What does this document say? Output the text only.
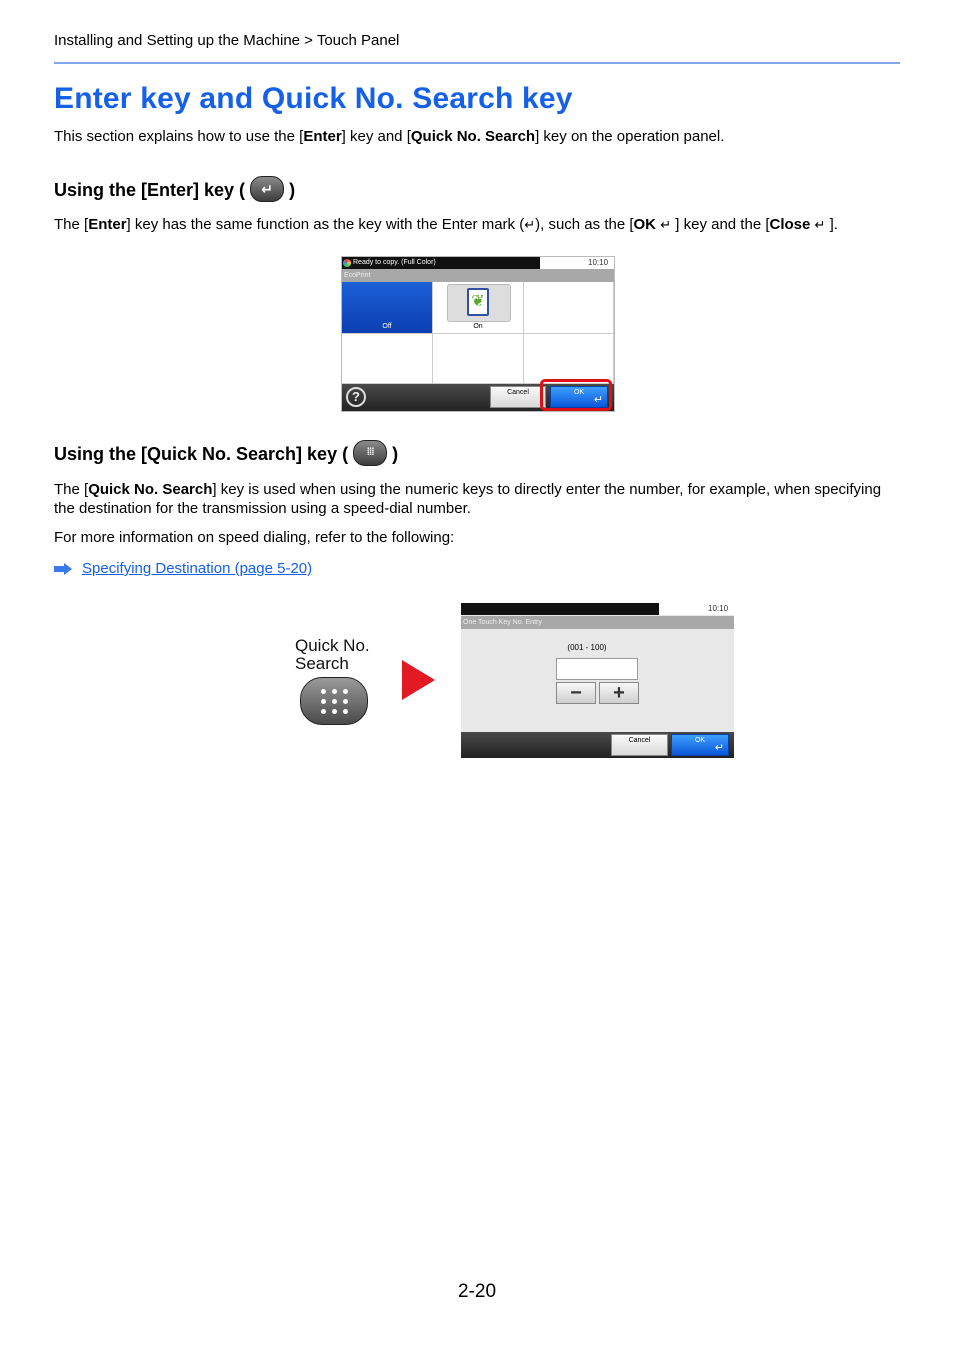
Installing and Setting up the Machine > Touch Panel
Enter key and Quick No. Search key
This section explains how to use the [Enter] key and [Quick No. Search] key on the operation panel.
Using the [Enter] key ( ↵ )
The [Enter] key has the same function as the key with the Enter mark (↵), such as the [OK ↵ ] key and the [Close ↵ ].
Ready to copy. (Full Color)	10:10
EcoPrint
Off
❦
On
?	Cancel	OK
↵
Using the [Quick No. Search] key ( ⁞⁞⁞ )
The [Quick No. Search] key is used when using the numeric keys to directly enter the number, for example, when specifying the destination for the transmission using a speed-dial number.
For more information on speed dialing, refer to the following:
Specifying Destination (page 5-20)
Quick No.
Search
10:10
One Touch Key No. Entry
(001 - 100)
−	+
Cancel	OK
↵
2-20
